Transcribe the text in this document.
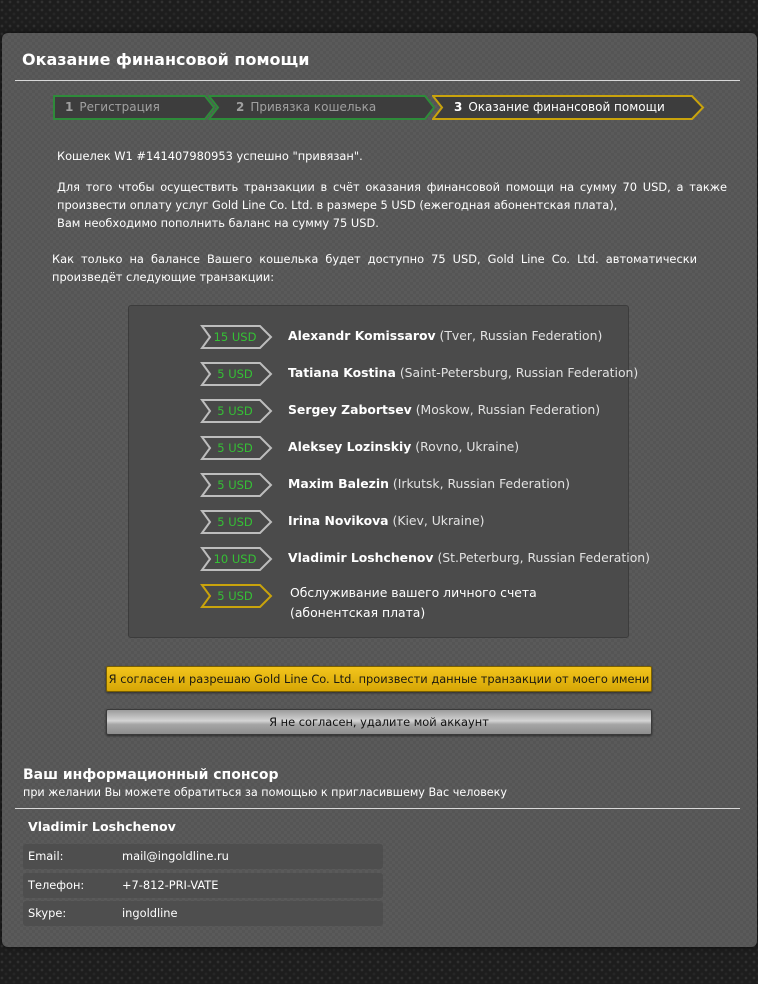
Оказание финансовой помощи
1 Регистрация	2 Привязка кошелька	3 Оказание финансовой помощи
Кошелек W1 #141407980953 успешно "привязан".
Для того чтобы осуществить транзакции в счёт оказания финансовой помощи на сумму 70 USD, а также произвести оплату услуг Gold Line Co. Ltd. в размере 5 USD (ежегодная абонентская плата),
Вам необходимо пополнить баланс на сумму 75 USD.
Как только на балансе Вашего кошелька будет доступно 75 USD, Gold Line Co. Ltd. автоматически произведёт следующие транзакции:
15 USD	Alexandr Komissarov (Tver, Russian Federation)
5 USD	Tatiana Kostina (Saint-Petersburg, Russian Federation)
5 USD	Sergey Zabortsev (Moskow, Russian Federation)
5 USD	Aleksey Lozinskiy (Rovno, Ukraine)
5 USD	Maxim Balezin (Irkutsk, Russian Federation)
5 USD	Irina Novikova (Kiev, Ukraine)
10 USD	Vladimir Loshchenov (St.Peterburg, Russian Federation)
5 USD	Обслуживание вашего личного счета (абонентская плата)
Я согласен и разрешаю Gold Line Co. Ltd. произвести данные транзакции от моего имени
Я не согласен, удалите мой аккаунт
Ваш информационный спонсор
при желании Вы можете обратиться за помощью к пригласившему Вас человеку
Vladimir Loshchenov
Email:	mail@ingoldline.ru
Телефон:	+7-812-PRI-VATE
Skype:	ingoldline
